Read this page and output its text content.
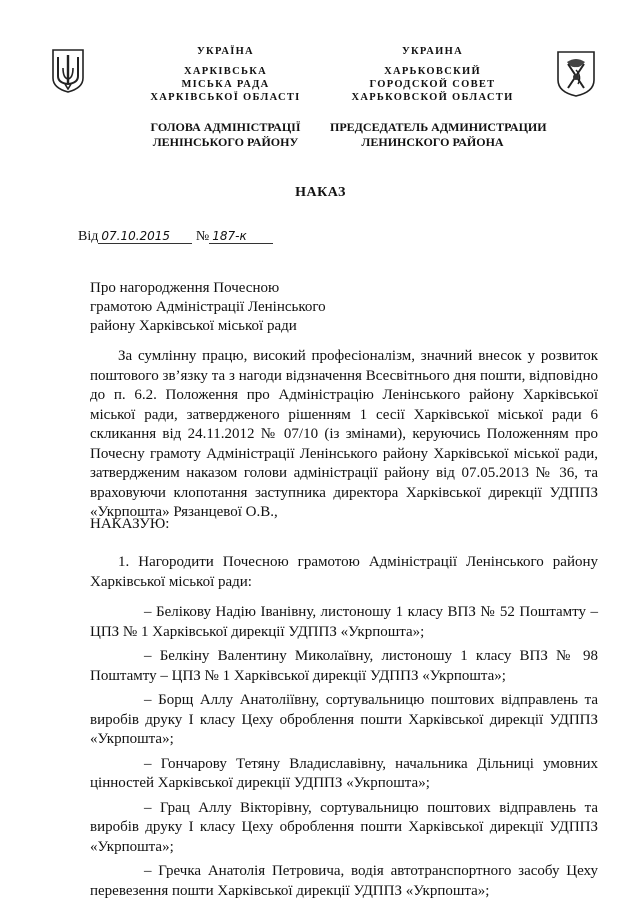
УКРАЇНА
ХАРКІВСЬКА
МІСЬКА РАДА
ХАРКІВСЬКОЇ ОБЛАСТІ
УКРАИНА
ХАРЬКОВСКИЙ
ГОРОДСКОЙ СОВЕТ
ХАРЬКОВСКОЙ ОБЛАСТИ
ГОЛОВА АДМІНІСТРАЦІЇ
ЛЕНІНСЬКОГО РАЙОНУ
ПРЕДСЕДАТЕЛЬ АДМИНИСТРАЦИИ
ЛЕНИНСКОГО РАЙОНА
НАКАЗ
Від 07.10.2015 № 187-к
Про нагородження Почесною
грамотою Адміністрації Ленінського
району Харківської міської ради
За сумлінну працю, високий професіоналізм, значний внесок у розвиток поштового зв’язку та з нагоди відзначення Всесвітнього дня пошти, відповідно до п. 6.2. Положення про Адміністрацію Ленінського району Харківської міської ради, затвердженого рішенням 1 сесії Харківської міської ради 6 скликання від 24.11.2012 № 07/10 (із змінами), керуючись Положенням про Почесну грамоту Адміністрації Ленінського району Харківської міської ради, затвердженим наказом голови адміністрації району від 07.05.2013 № 36, та враховуючи клопотання заступника директора Харківської дирекції УДППЗ «Укрпошта» Рязанцевої О.В.,
НАКАЗУЮ:
1. Нагородити Почесною грамотою Адміністрації Ленінського району Харківської міської ради:
– Белікову Надію Іванівну, листоношу 1 класу ВПЗ № 52 Поштамту – ЦПЗ № 1 Харківської дирекції УДППЗ «Укрпошта»;
– Белкіну Валентину Миколаївну, листоношу 1 класу ВПЗ № 98 Поштамту – ЦПЗ № 1 Харківської дирекції УДППЗ «Укрпошта»;
– Борщ Аллу Анатоліївну, сортувальницю поштових відправлень та виробів друку І класу Цеху оброблення пошти Харківської дирекції УДППЗ «Укрпошта»;
– Гончарову Тетяну Владиславівну, начальника Дільниці умовних цінностей Харківської дирекції УДППЗ «Укрпошта»;
– Грац Аллу Вікторівну, сортувальницю поштових відправлень та виробів друку І класу Цеху оброблення пошти Харківської дирекції УДППЗ «Укрпошта»;
– Гречка Анатолія Петровича, водія автотранспортного засобу Цеху перевезення пошти Харківської дирекції УДППЗ «Укрпошта»;
